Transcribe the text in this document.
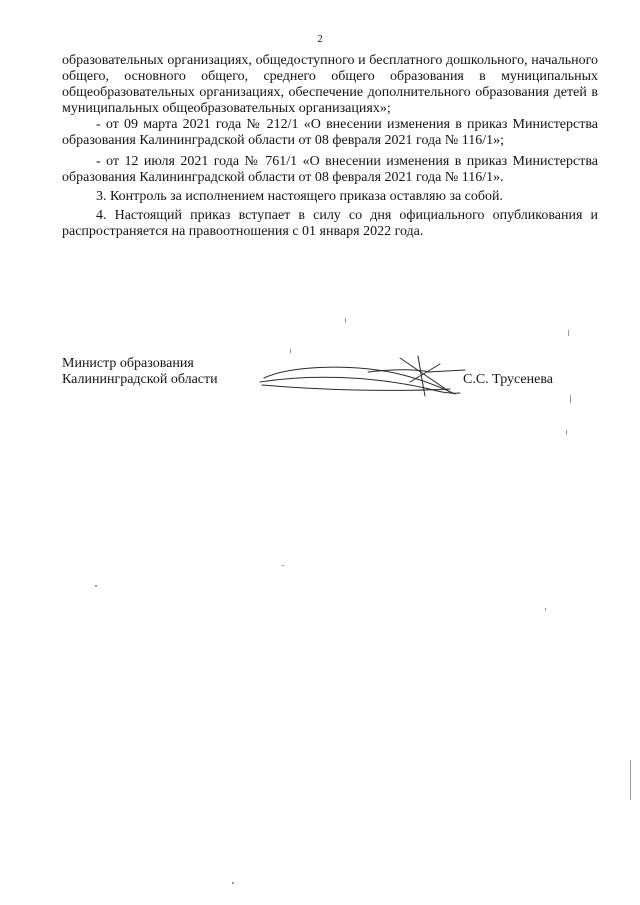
2

образовательных организациях, общедоступного и бесплатного дошкольного, начального общего, основного общего, среднего общего образования в муниципальных общеобразовательных организациях, обеспечение дополнительного образования детей в муниципальных общеобразовательных организациях»;

- от 09 марта 2021 года № 212/1 «О внесении изменения в приказ Министерства образования Калининградской области от 08 февраля 2021 года № 116/1»;

- от 12 июля 2021 года № 761/1 «О внесении изменения в приказ Министерства образования Калининградской области от 08 февраля 2021 года № 116/1».

3. Контроль за исполнением настоящего приказа оставляю за собой.

4. Настоящий приказ вступает в силу со дня официального опубликования и распространяется на правоотношения с 01 января 2022 года.

Министр образования
Калининградской области	С.С. Трусенева
